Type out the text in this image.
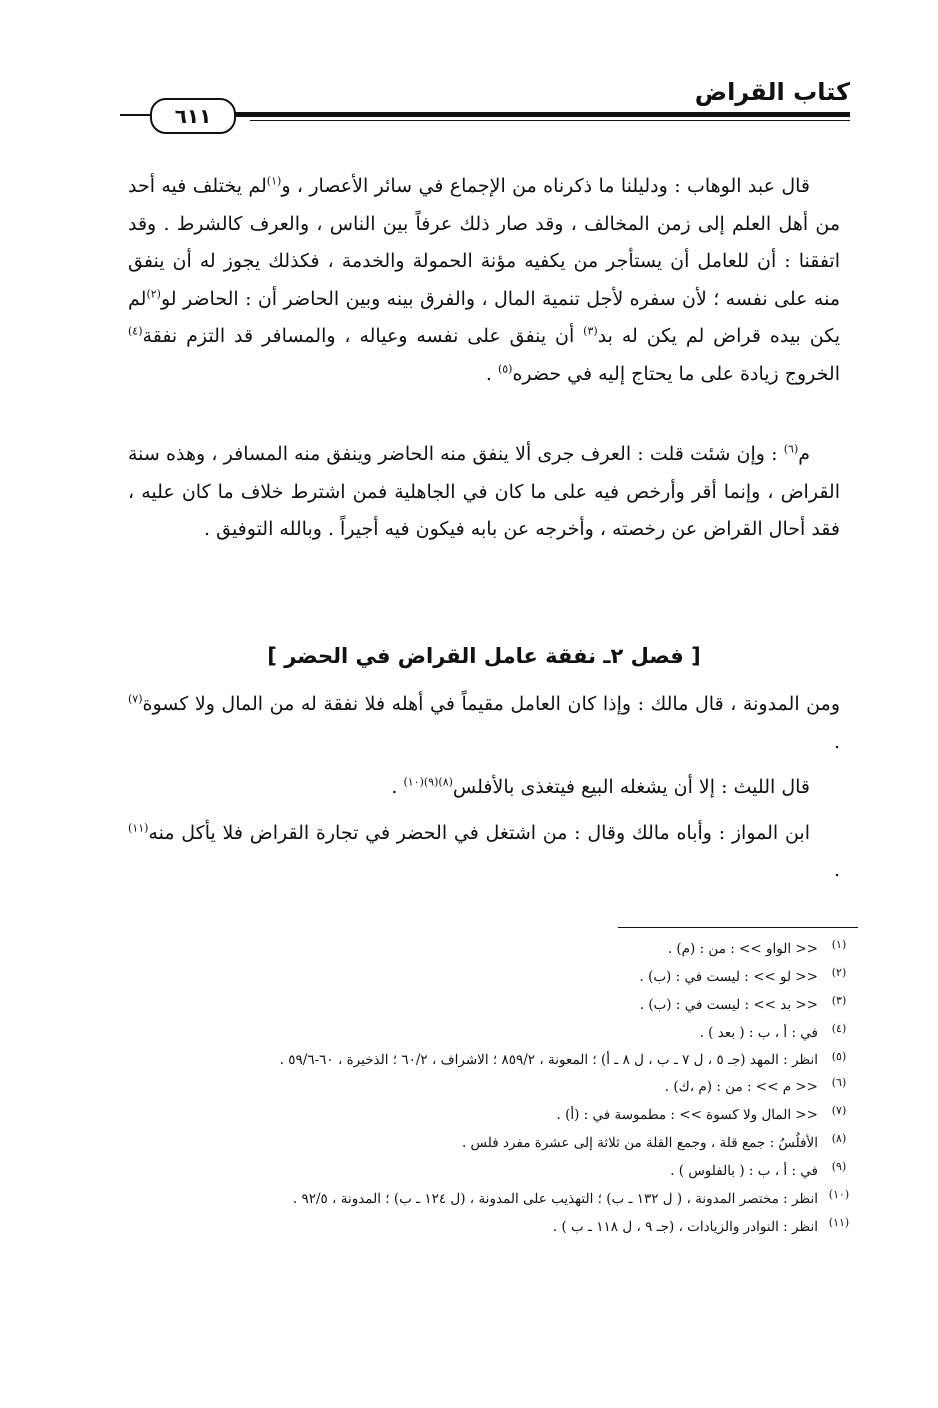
كتاب القراض
٦١١

قال عبد الوهاب : ودليلنا ما ذكرناه من الإجماع في سائر الأعصار ، و$^{(١)}$لم يختلف فيه أحد من أهل العلم إلى زمن المخالف ، وقد صار ذلك عرفاً بين الناس ، والعرف كالشرط . وقد اتفقنا : أن للعامل أن يستأجر من يكفيه مؤنة الحمولة والخدمة ، فكذلك يجوز له أن ينفق منه على نفسه ؛ لأن سفره لأجل تنمية المال ، والفرق بينه وبين الحاضر أن : الحاضر لو$^{(٢)}$لم يكن بيده قراض لم يكن له بد$^{(٣)}$ أن ينفق على نفسه وعياله ، والمسافر قد التزم نفقة$^{(٤)}$ الخروج زيادة على ما يحتاج إليه في حضره$^{(٥)}$ .

م$^{(٦)}$ : وإن شئت قلت : العرف جرى ألا ينفق منه الحاضر وينفق منه المسافر ، وهذه سنة القراض ، وإنما أقر وأرخص فيه على ما كان في الجاهلية فمن اشترط خلاف ما كان عليه ، فقد أحال القراض عن رخصته ، وأخرجه عن بابه فيكون فيه أجيراً . وبالله التوفيق .

[ فصل ٢ـ نفقة عامل القراض في الحضر ]

ومن المدونة ، قال مالك : وإذا كان العامل مقيماً في أهله فلا نفقة له من المال ولا كسوة$^{(٧)}$ .

قال الليث : إلا أن يشغله البيع فيتغذى بالأفلس$^{(٨)(٩)(١٠)}$ .

ابن المواز : وأباه مالك وقال : من اشتغل في الحضر في تجارة القراض فلا يأكل منه$^{(١١)}$ .

(١)
<< الواو >> : من : (م) .
(٢)
<< لو >> : ليست في : (ب) .
(٣)
<< بد >> : ليست في : (ب) .
(٤)
في : أ ، ب : ( بعد ) .
(٥)
انظر : المهد (جـ ٥ ، ل ٧ ـ ب ، ل ٨ ـ أ) ؛ المعونة ، ٨٥٩/٢ ؛ الاشراف ، ٦٠/٢ ؛ الذخيرة ، ٦٠-٥٩/٦ .
(٦)
<< م >> : من : (م ،ك) .
(٧)
<< المال ولا كسوة >> : مطموسة في : (أ) .
(٨)
الأفلُسُ : جمع قلة ، وجمع القلة من ثلاثة إلى عشرة مفرد فلس .
(٩)
في : أ ، ب : ( بالفلوس ) .
(١٠)
انظر : مختصر المدونة ، ( ل ١٣٢ ـ ب) ؛ التهذيب على المدونة ، (ل ١٢٤ ـ ب) ؛ المدونة ، ٩٢/٥ .
(١١)
انظر : النوادر والزيادات ، (جـ ٩ ، ل ١١٨ ـ ب ) .
